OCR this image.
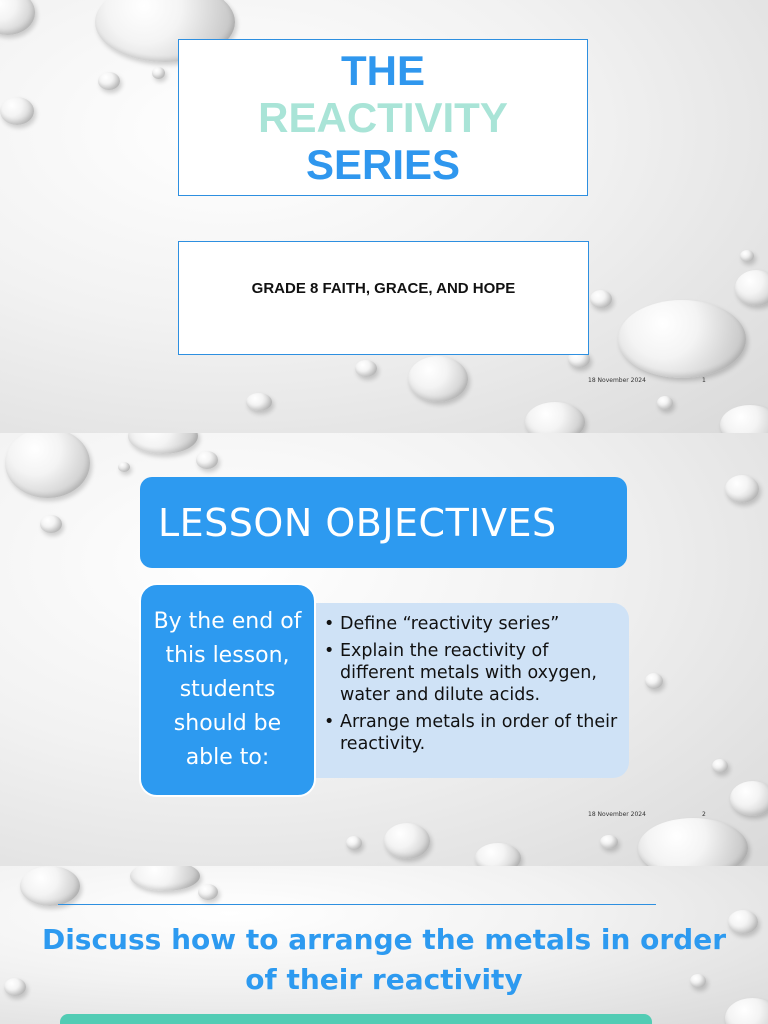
THE
REACTIVITY
SERIES
GRADE 8 FAITH, GRACE, AND HOPE
18 November 2024	1
LESSON OBJECTIVES
• Define “reactivity series”
• Explain the reactivity of different metals with oxygen, water and dilute acids.
• Arrange metals in order of their reactivity.
By the end of this lesson, students should be able to:
18 November 2024	2
Discuss how to arrange the metals in order of their reactivity
